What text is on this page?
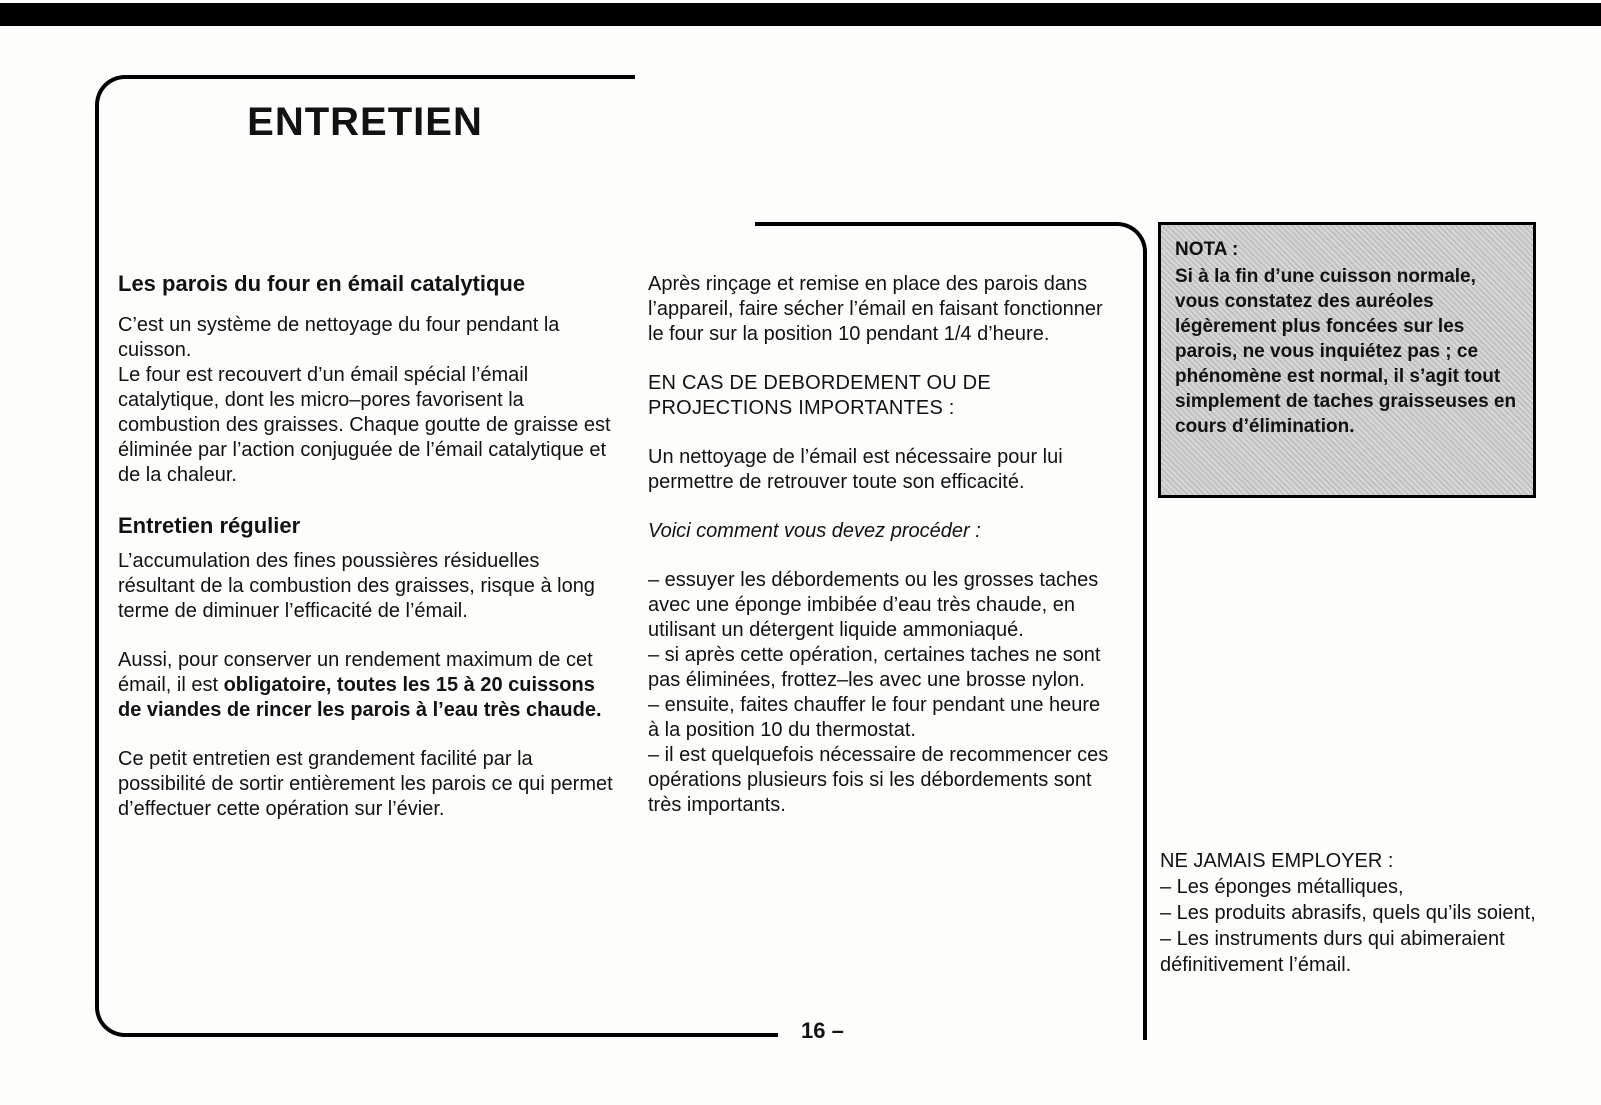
ENTRETIEN
Les parois du four en émail catalytique

C’est un système de nettoyage du four pendant la cuisson.

Le four est recouvert d’un émail spécial l’émail catalytique, dont les micro–pores favorisent la combustion des graisses. Chaque goutte de graisse est éliminée par l’action conjuguée de l’émail catalytique et de la chaleur.

Entretien régulier

L’accumulation des fines poussières résiduelles résultant de la combustion des graisses, risque à long terme de diminuer l’efficacité de l’émail.

Aussi, pour conserver un rendement maximum de cet émail, il est obligatoire, toutes les 15 à 20 cuissons de viandes de rincer les parois à l’eau très chaude.

Ce petit entretien est grandement facilité par la possibilité de sortir entièrement les parois ce qui permet d’effectuer cette opération sur l’évier.

Après rinçage et remise en place des parois dans l’appareil, faire sécher l’émail en faisant fonctionner le four sur la position 10 pendant 1/4 d’heure.

EN CAS DE DEBORDEMENT OU DE PROJECTIONS IMPORTANTES :

Un nettoyage de l’émail est nécessaire pour lui permettre de retrouver toute son efficacité.

Voici comment vous devez procéder :

– essuyer les débordements ou les grosses taches avec une éponge imbibée d’eau très chaude, en utilisant un détergent liquide ammoniaqué.

– si après cette opération, certaines taches ne sont pas éliminées, frottez–les avec une brosse nylon.

– ensuite, faites chauffer le four pendant une heure à la position 10 du thermostat.

– il est quelquefois nécessaire de recommencer ces opérations plusieurs fois si les débordements sont très importants.

NOTA :

Si à la fin d’une cuisson normale, vous constatez des auréoles légèrement plus foncées sur les parois, ne vous inquiétez pas ; ce phénomène est normal, il s’agit tout simplement de taches graisseuses en cours d’élimination.

NE JAMAIS EMPLOYER :

– Les éponges métalliques,

– Les produits abrasifs, quels qu’ils soient,

– Les instruments durs qui abimeraient définitivement l’émail.

16 –
